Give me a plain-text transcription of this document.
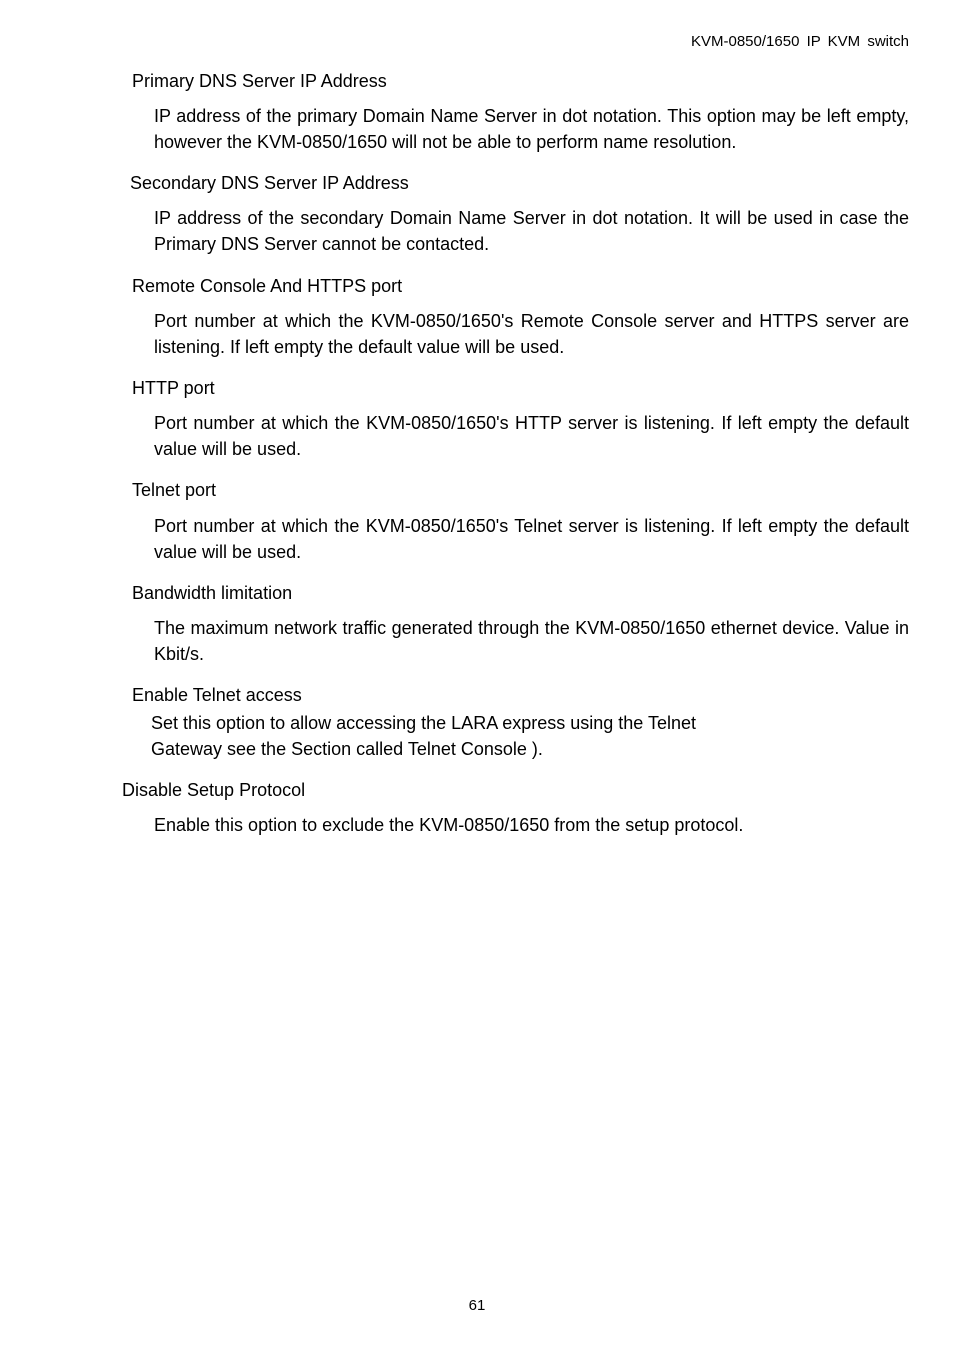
KVM-0850/1650 IP KVM switch
Primary DNS Server IP Address
IP address of the primary Domain Name Server in dot notation. This option may be left empty, however the KVM-0850/1650 will not be able to perform name resolution.
Secondary DNS Server IP Address
IP address of the secondary Domain Name Server in dot notation. It will be used in case the Primary DNS Server cannot be contacted.
Remote Console And HTTPS port
Port number at which the KVM-0850/1650's Remote Console server and HTTPS server are listening. If left empty the default value will be used.
HTTP port
Port number at which the KVM-0850/1650's HTTP server is listening. If left empty the default value will be used.
Telnet port
Port number at which the KVM-0850/1650's Telnet server is listening. If left empty the default value will be used.
Bandwidth limitation
The maximum network traffic generated through the KVM-0850/1650 ethernet device. Value in Kbit/s.
Enable Telnet access
Set this option to allow accessing the LARA express using the Telnet Gateway see the Section called Telnet Console ).
Disable Setup Protocol
Enable this option to exclude the KVM-0850/1650 from the setup protocol.
61
